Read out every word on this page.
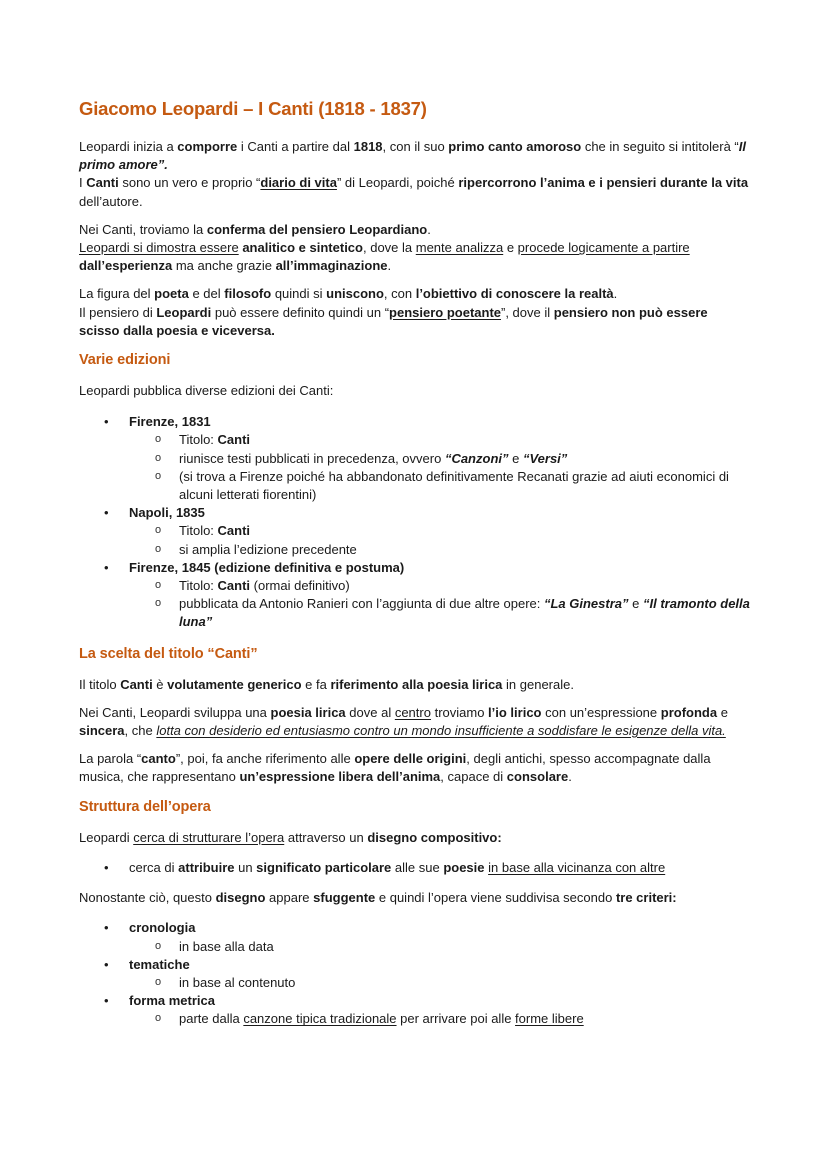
Giacomo Leopardi – I Canti (1818 - 1837)

Leopardi inizia a comporre i Canti a partire dal 1818, con il suo primo canto amoroso che in seguito si intitolerà “Il primo amore”.
I Canti sono un vero e proprio “diario di vita” di Leopardi, poiché ripercorrono l’anima e i pensieri durante la vita dell’autore.

Nei Canti, troviamo la conferma del pensiero Leopardiano.
Leopardi si dimostra essere analitico e sintetico, dove la mente analizza e procede logicamente a partire dall’esperienza ma anche grazie all’immaginazione.

La figura del poeta e del filosofo quindi si uniscono, con l’obiettivo di conoscere la realtà.
Il pensiero di Leopardi può essere definito quindi un “pensiero poetante”, dove il pensiero non può essere scisso dalla poesia e viceversa.

Varie edizioni

Leopardi pubblica diverse edizioni dei Canti:

• Firenze, 1831
o Titolo: Canti
o riunisce testi pubblicati in precedenza, ovvero “Canzoni” e “Versi”
o (si trova a Firenze poiché ha abbandonato definitivamente Recanati grazie ad aiuti economici di alcuni letterati fiorentini)
• Napoli, 1835
o Titolo: Canti
o si amplia l’edizione precedente
• Firenze, 1845 (edizione definitiva e postuma)
o Titolo: Canti (ormai definitivo)
o pubblicata da Antonio Ranieri con l’aggiunta di due altre opere: “La Ginestra” e “Il tramonto della luna”
La scelta del titolo “Canti”

Il titolo Canti è volutamente generico e fa riferimento alla poesia lirica in generale.

Nei Canti, Leopardi sviluppa una poesia lirica dove al centro troviamo l’io lirico con un’espressione profonda e sincera, che lotta con desiderio ed entusiasmo contro un mondo insufficiente a soddisfare le esigenze della vita.

La parola “canto”, poi, fa anche riferimento alle opere delle origini, degli antichi, spesso accompagnate dalla musica, che rappresentano un’espressione libera dell’anima, capace di consolare.

Struttura dell’opera

Leopardi cerca di strutturare l’opera attraverso un disegno compositivo:

• cerca di attribuire un significato particolare alle sue poesie in base alla vicinanza con altre

Nonostante ciò, questo disegno appare sfuggente e quindi l’opera viene suddivisa secondo tre criteri:

• cronologia
o in base alla data
• tematiche
o in base al contenuto
• forma metrica
o parte dalla canzone tipica tradizionale per arrivare poi alle forme libere
